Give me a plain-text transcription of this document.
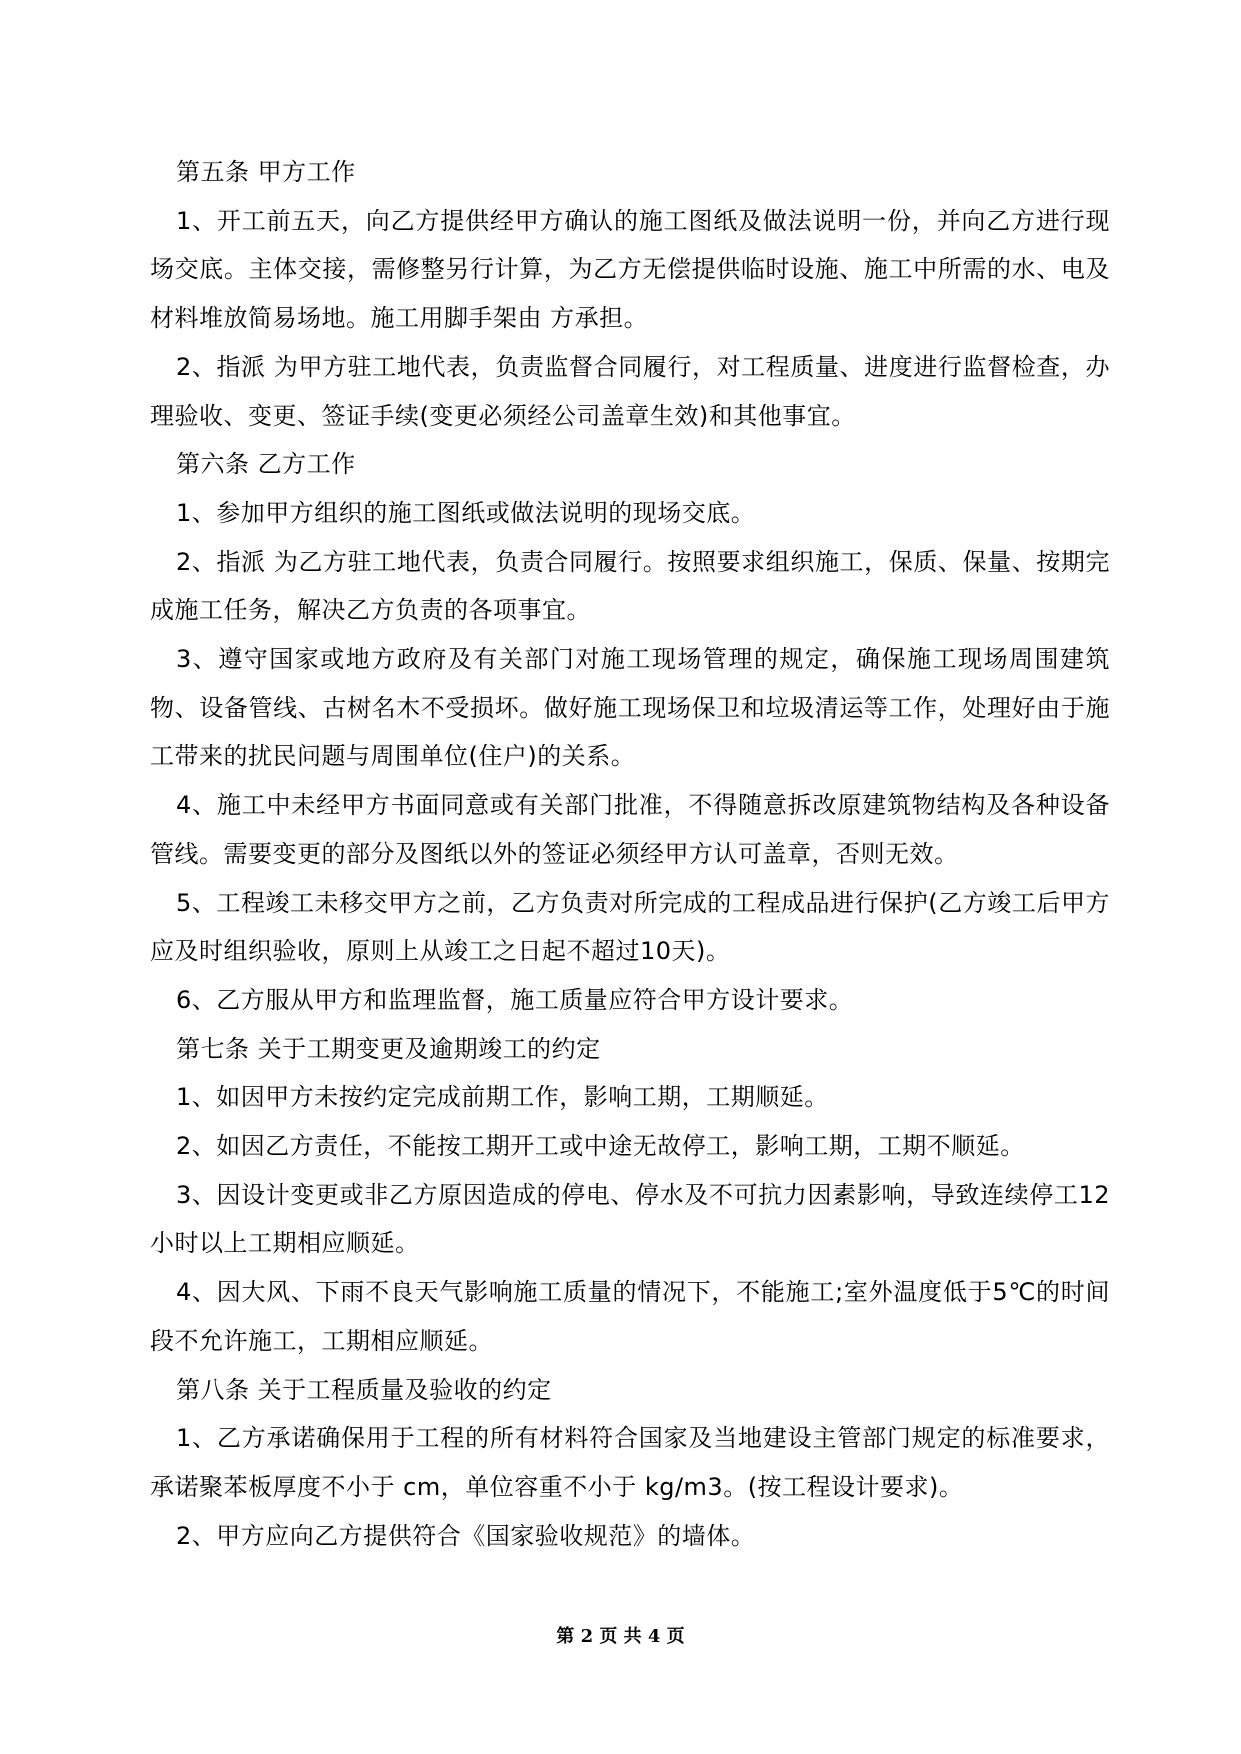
第五条 甲方工作

1、开工前五天，向乙方提供经甲方确认的施工图纸及做法说明一份，并向乙方进行现场交底。主体交接，需修整另行计算，为乙方无偿提供临时设施、施工中所需的水、电及材料堆放简易场地。施工用脚手架由 方承担。

2、指派 为甲方驻工地代表，负责监督合同履行，对工程质量、进度进行监督检查，办理验收、变更、签证手续(变更必须经公司盖章生效)和其他事宜。

第六条 乙方工作

1、参加甲方组织的施工图纸或做法说明的现场交底。

2、指派 为乙方驻工地代表，负责合同履行。按照要求组织施工，保质、保量、按期完成施工任务，解决乙方负责的各项事宜。

3、遵守国家或地方政府及有关部门对施工现场管理的规定，确保施工现场周围建筑物、设备管线、古树名木不受损坏。做好施工现场保卫和垃圾清运等工作，处理好由于施工带来的扰民问题与周围单位(住户)的关系。

4、施工中未经甲方书面同意或有关部门批准，不得随意拆改原建筑物结构及各种设备管线。需要变更的部分及图纸以外的签证必须经甲方认可盖章，否则无效。

5、工程竣工未移交甲方之前，乙方负责对所完成的工程成品进行保护(乙方竣工后甲方应及时组织验收，原则上从竣工之日起不超过10天)。

6、乙方服从甲方和监理监督，施工质量应符合甲方设计要求。

第七条 关于工期变更及逾期竣工的约定

1、如因甲方未按约定完成前期工作，影响工期，工期顺延。

2、如因乙方责任，不能按工期开工或中途无故停工，影响工期，工期不顺延。

3、因设计变更或非乙方原因造成的停电、停水及不可抗力因素影响，导致连续停工12小时以上工期相应顺延。

4、因大风、下雨不良天气影响施工质量的情况下，不能施工;室外温度低于5℃的时间段不允许施工，工期相应顺延。

第八条 关于工程质量及验收的约定

1、乙方承诺确保用于工程的所有材料符合国家及当地建设主管部门规定的标准要求，承诺聚苯板厚度不小于 cm，单位容重不小于 kg/m3。(按工程设计要求)。

2、甲方应向乙方提供符合《国家验收规范》的墙体。

第 2 页 共 4 页
